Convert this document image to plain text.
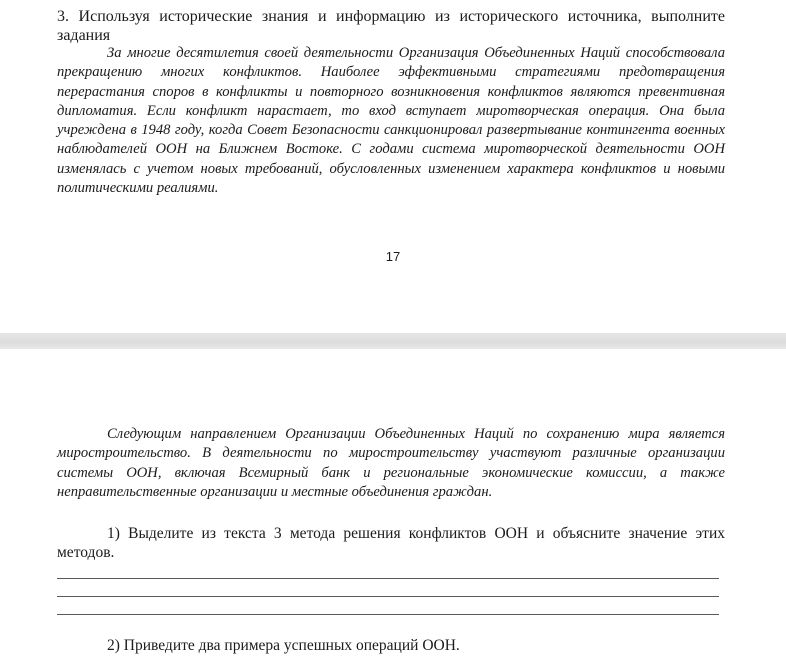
3. Используя исторические знания и информацию из исторического источника, выполните задания
За многие десятилетия своей деятельности Организация Объединенных Наций способствовала прекращению многих конфликтов. Наиболее эффективными стратегиями предотвращения перерастания споров в конфликты и повторного возникновения конфликтов являются превентивная дипломатия. Если конфликт нарастает, то вход вступает миротворческая операция. Она была учреждена в 1948 году, когда Совет Безопасности санкционировал развертывание контингента военных наблюдателей ООН на Ближнем Востоке. С годами система миротворческой деятельности ООН изменялась с учетом новых требований, обусловленных изменением характера конфликтов и новыми политическими реалиями.
17
Следующим направлением Организации Объединенных Наций по сохранению мира является миростроительство. В деятельности по миростроительству участвуют различные организации системы ООН, включая Всемирный банк и региональные экономические комиссии, а также неправительственные организации и местные объединения граждан.
1) Выделите из текста 3 метода решения конфликтов ООН и объясните значение этих методов.
2) Приведите два примера успешных операций ООН.
